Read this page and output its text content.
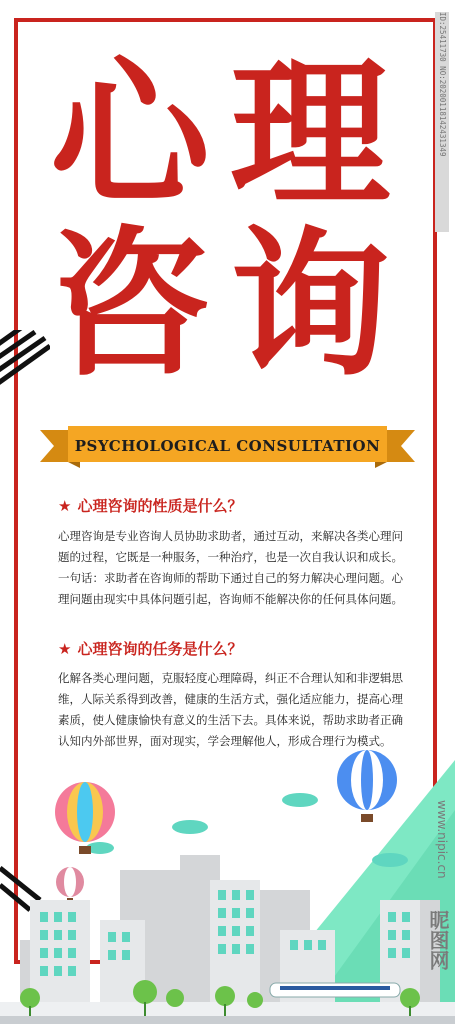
心 理
咨 询
PSYCHOLOGICAL CONSULTATION
★ 心理咨询的性质是什么？
心理咨询是专业咨询人员协助求助者，通过互动，来解决各类心理问题的过程，它既是一种服务，一种治疗，也是一次自我认识和成长。一句话：求助者在咨询师的帮助下通过自己的努力解决心理问题。心理问题由现实中具体问题引起，咨询师不能解决你的任何具体问题。
★ 心理咨询的任务是什么？
化解各类心理问题，克服轻度心理障碍，纠正不合理认知和非逻辑思维，人际关系得到改善，健康的生活方式，强化适应能力，提高心理素质，使人健康愉快有意义的生活下去。具体来说，帮助求助者正确认知内外部世界，面对现实，学会理解他人，形成合理行为模式。
ID:25411730 NO:20200118142431349
www.nipic.cn
昵图网
